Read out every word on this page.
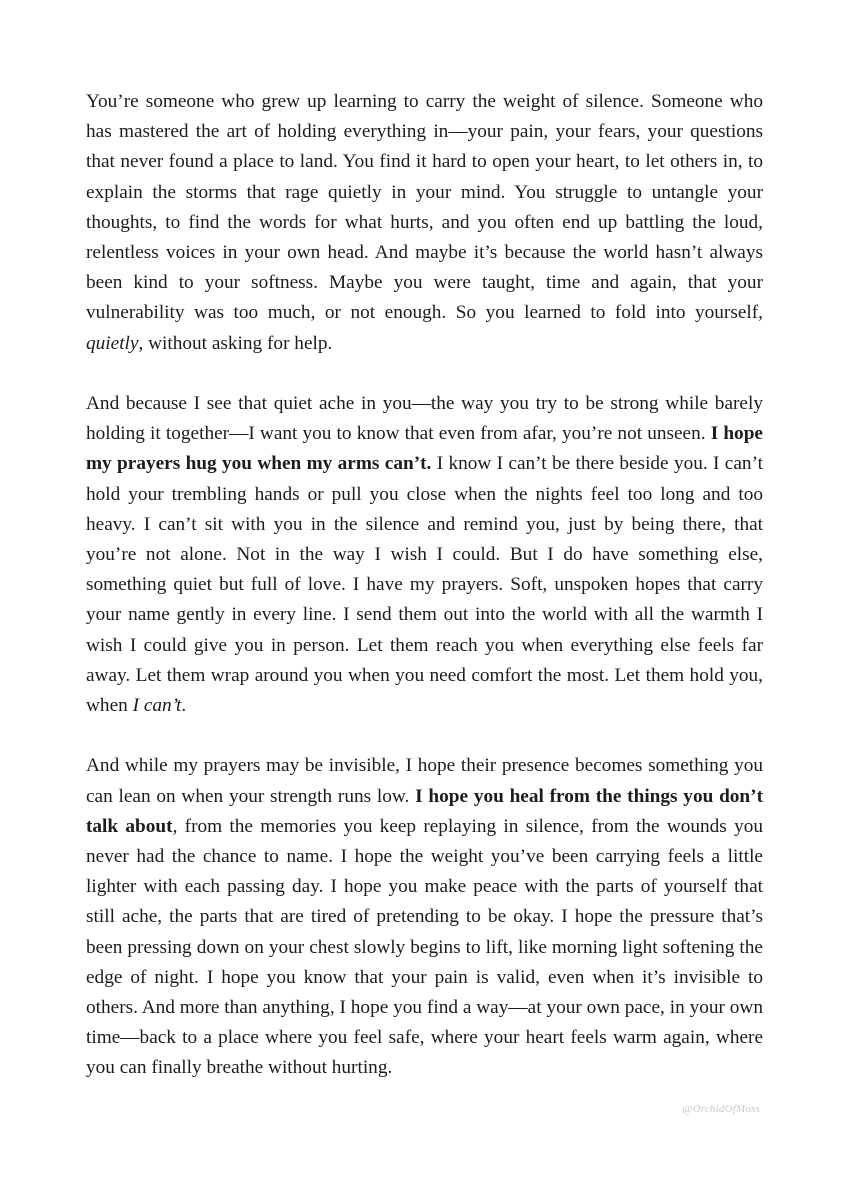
You’re someone who grew up learning to carry the weight of silence. Someone who has mastered the art of holding everything in—your pain, your fears, your questions that never found a place to land. You find it hard to open your heart, to let others in, to explain the storms that rage quietly in your mind. You struggle to untangle your thoughts, to find the words for what hurts, and you often end up battling the loud, relentless voices in your own head. And maybe it’s because the world hasn’t always been kind to your softness. Maybe you were taught, time and again, that your vulnerability was too much, or not enough. So you learned to fold into yourself, quietly, without asking for help.

And because I see that quiet ache in you—the way you try to be strong while barely holding it together—I want you to know that even from afar, you’re not unseen. I hope my prayers hug you when my arms can’t. I know I can’t be there beside you. I can’t hold your trembling hands or pull you close when the nights feel too long and too heavy. I can’t sit with you in the silence and remind you, just by being there, that you’re not alone. Not in the way I wish I could. But I do have something else, something quiet but full of love. I have my prayers. Soft, unspoken hopes that carry your name gently in every line. I send them out into the world with all the warmth I wish I could give you in person. Let them reach you when everything else feels far away. Let them wrap around you when you need comfort the most. Let them hold you, when I can’t.

And while my prayers may be invisible, I hope their presence becomes something you can lean on when your strength runs low. I hope you heal from the things you don’t talk about, from the memories you keep replaying in silence, from the wounds you never had the chance to name. I hope the weight you’ve been carrying feels a little lighter with each passing day. I hope you make peace with the parts of yourself that still ache, the parts that are tired of pretending to be okay. I hope the pressure that’s been pressing down on your chest slowly begins to lift, like morning light softening the edge of night. I hope you know that your pain is valid, even when it’s invisible to others. And more than anything, I hope you find a way—at your own pace, in your own time—back to a place where you feel safe, where your heart feels warm again, where you can finally breathe without hurting.

@OrchidOfMoss
